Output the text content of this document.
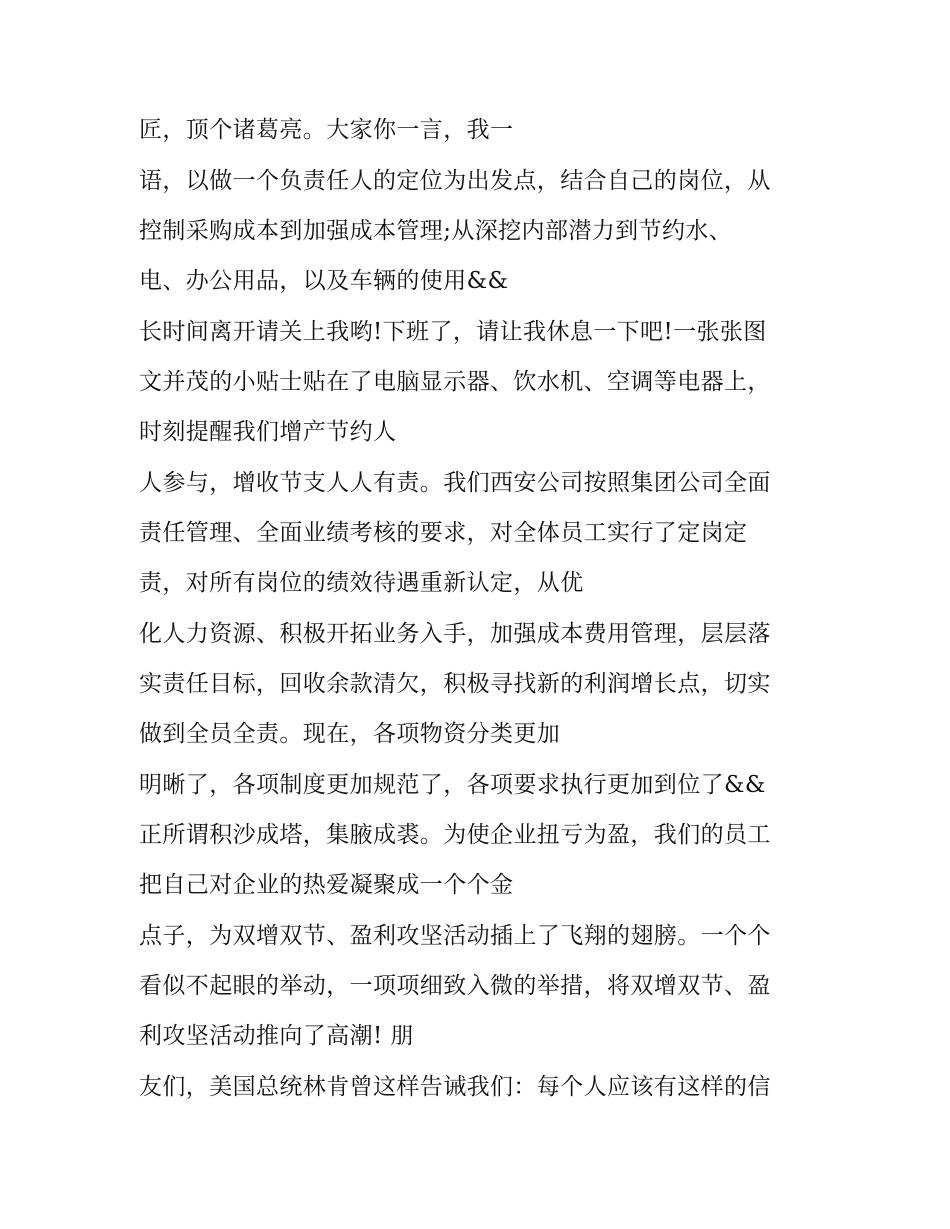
匠，顶个诸葛亮。大家你一言，我一
语，以做一个负责任人的定位为出发点，结合自己的岗位，从
控制采购成本到加强成本管理;从深挖内部潜力到节约水、
电、办公用品，以及车辆的使用&&
长时间离开请关上我哟!下班了，请让我休息一下吧!一张张图
文并茂的小贴士贴在了电脑显示器、饮水机、空调等电器上，
时刻提醒我们增产节约人
人参与，增收节支人人有责。我们西安公司按照集团公司全面
责任管理、全面业绩考核的要求，对全体员工实行了定岗定
责，对所有岗位的绩效待遇重新认定，从优
化人力资源、积极开拓业务入手，加强成本费用管理，层层落
实责任目标，回收余款清欠，积极寻找新的利润增长点，切实
做到全员全责。现在，各项物资分类更加
明晰了，各项制度更加规范了，各项要求执行更加到位了&&
正所谓积沙成塔，集腋成裘。为使企业扭亏为盈，我们的员工
把自己对企业的热爱凝聚成一个个金
点子，为双增双节、盈利攻坚活动插上了飞翔的翅膀。一个个
看似不起眼的举动，一项项细致入微的举措，将双增双节、盈
利攻坚活动推向了高潮! 朋
友们，美国总统林肯曾这样告诫我们：每个人应该有这样的信
